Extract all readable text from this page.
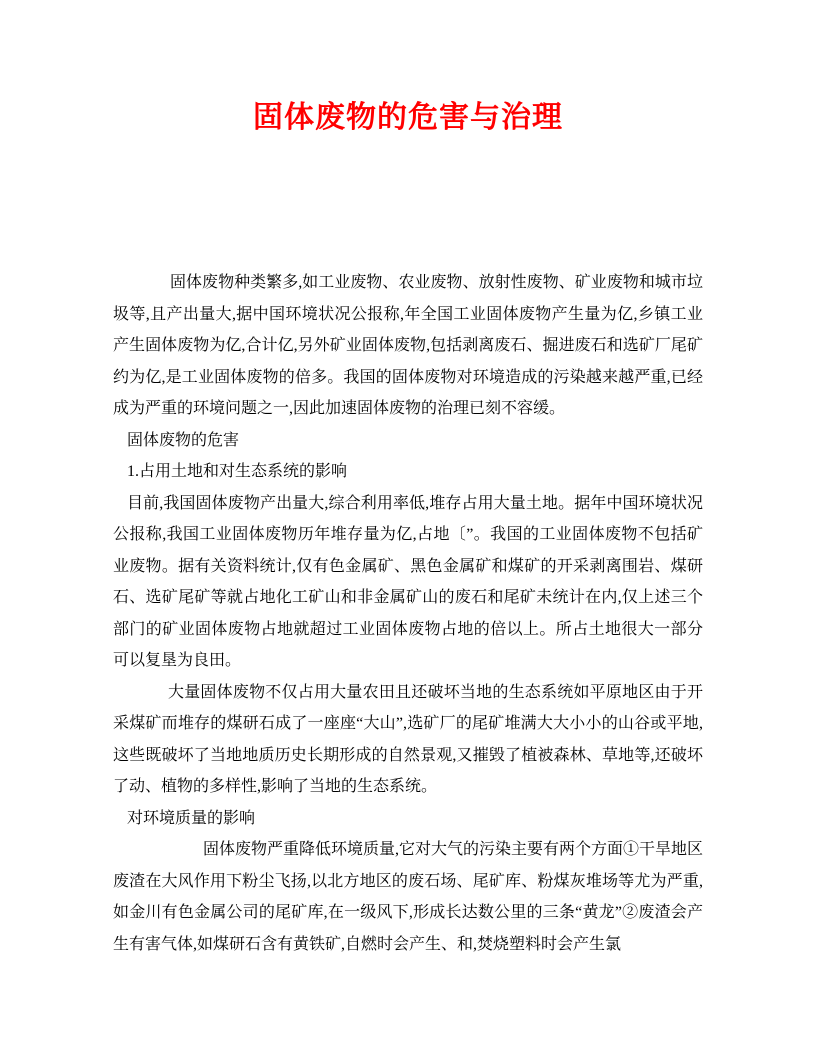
固体废物的危害与治理

固体废物种类繁多,如工业废物、农业废物、放射性废物、矿业废物和城市垃圾等,且产出量大,据中国环境状况公报称,年全国工业固体废物产生量为亿,乡镇工业产生固体废物为亿,合计亿,另外矿业固体废物,包括剥离废石、掘进废石和选矿厂尾矿约为亿,是工业固体废物的倍多。我国的固体废物对环境造成的污染越来越严重,已经成为严重的环境问题之一,因此加速固体废物的治理已刻不容缓。

固体废物的危害

1.占用土地和对生态系统的影响

目前,我国固体废物产出量大,综合利用率低,堆存占用大量土地。据年中国环境状况公报称,我国工业固体废物历年堆存量为亿,占地〔”。我国的工业固体废物不包括矿业废物。据有关资料统计,仅有色金属矿、黑色金属矿和煤矿的开采剥离围岩、煤研石、选矿尾矿等就占地化工矿山和非金属矿山的废石和尾矿未统计在内,仅上述三个部门的矿业固体废物占地就超过工业固体废物占地的倍以上。所占土地很大一部分可以复垦为良田。

大量固体废物不仅占用大量农田且还破坏当地的生态系统如平原地区由于开采煤矿而堆存的煤研石成了一座座“大山”,选矿厂的尾矿堆满大大小小的山谷或平地,这些既破坏了当地地质历史长期形成的自然景观,又摧毁了植被森林、草地等,还破坏了动、植物的多样性,影响了当地的生态系统。

对环境质量的影响

固体废物严重降低环境质量,它对大气的污染主要有两个方面①干旱地区废渣在大风作用下粉尘飞扬,以北方地区的废石场、尾矿库、粉煤灰堆场等尤为严重,如金川有色金属公司的尾矿库,在一级风下,形成长达数公里的三条“黄龙”②废渣会产生有害气体,如煤研石含有黄铁矿,自燃时会产生、和,焚烧塑料时会产生氯
